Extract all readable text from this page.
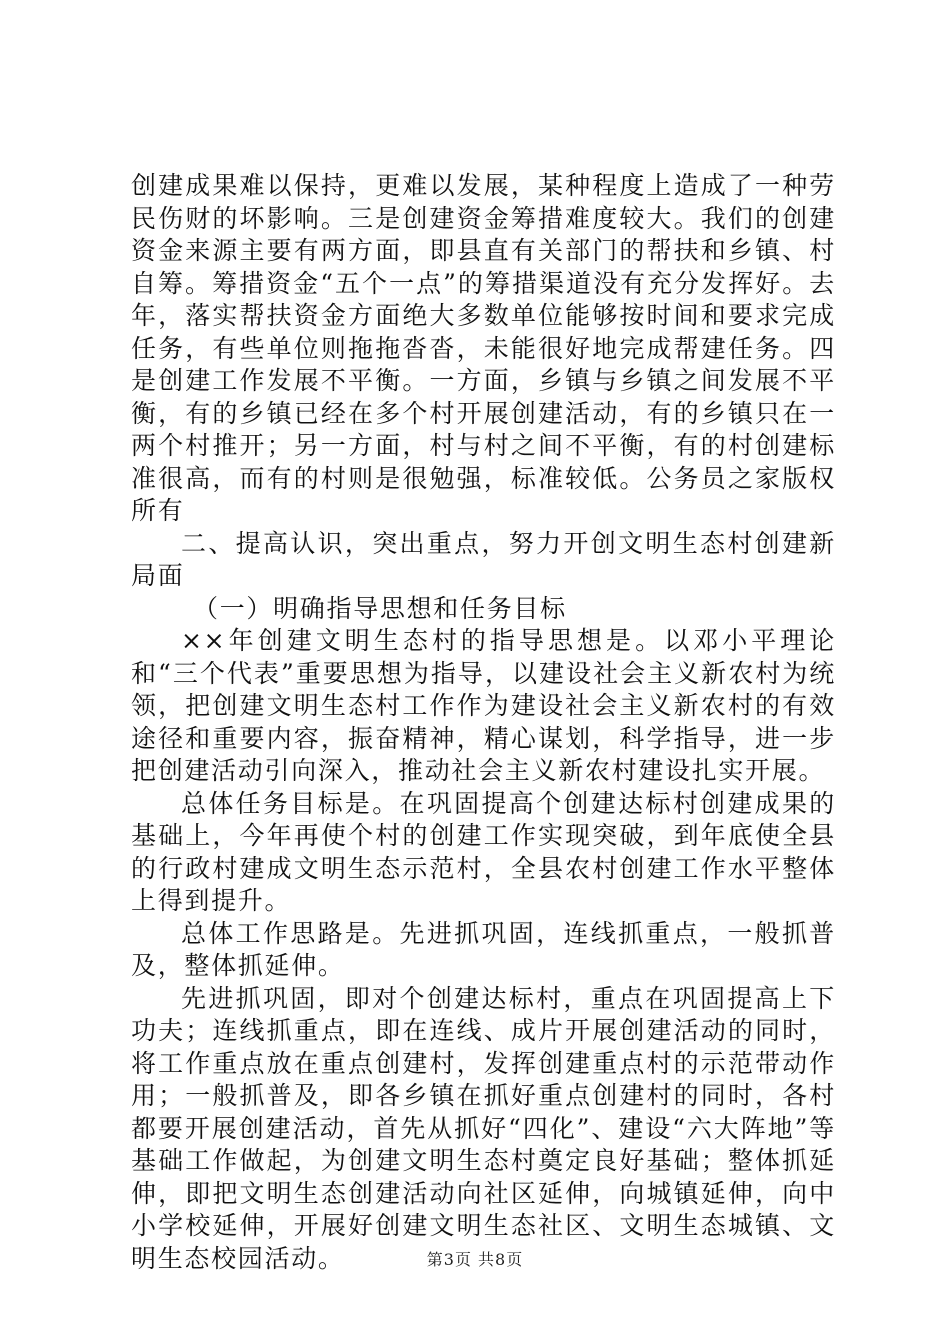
创建成果难以保持，更难以发展，某种程度上造成了一种劳民伤财的坏影响。三是创建资金筹措难度较大。我们的创建资金来源主要有两方面，即县直有关部门的帮扶和乡镇、村自筹。筹措资金“五个一点”的筹措渠道没有充分发挥好。去年，落实帮扶资金方面绝大多数单位能够按时间和要求完成任务，有些单位则拖拖沓沓，未能很好地完成帮建任务。四是创建工作发展不平衡。一方面，乡镇与乡镇之间发展不平衡，有的乡镇已经在多个村开展创建活动，有的乡镇只在一两个村推开；另一方面，村与村之间不平衡，有的村创建标准很高，而有的村则是很勉强，标准较低。公务员之家版权所有

二、提高认识，突出重点，努力开创文明生态村创建新局面

（一）明确指导思想和任务目标

××年创建文明生态村的指导思想是。以邓小平理论和“三个代表”重要思想为指导，以建设社会主义新农村为统领，把创建文明生态村工作作为建设社会主义新农村的有效途径和重要内容，振奋精神，精心谋划，科学指导，进一步把创建活动引向深入，推动社会主义新农村建设扎实开展。

总体任务目标是。在巩固提高个创建达标村创建成果的基础上，今年再使个村的创建工作实现突破，到年底使全县的行政村建成文明生态示范村，全县农村创建工作水平整体上得到提升。

总体工作思路是。先进抓巩固，连线抓重点，一般抓普及，整体抓延伸。

先进抓巩固，即对个创建达标村，重点在巩固提高上下功夫；连线抓重点，即在连线、成片开展创建活动的同时，将工作重点放在重点创建村，发挥创建重点村的示范带动作用；一般抓普及，即各乡镇在抓好重点创建村的同时，各村都要开展创建活动，首先从抓好“四化”、建设“六大阵地”等基础工作做起，为创建文明生态村奠定良好基础；整体抓延伸，即把文明生态创建活动向社区延伸，向城镇延伸，向中小学校延伸，开展好创建文明生态社区、文明生态城镇、文明生态校园活动。	第3页 共8页
